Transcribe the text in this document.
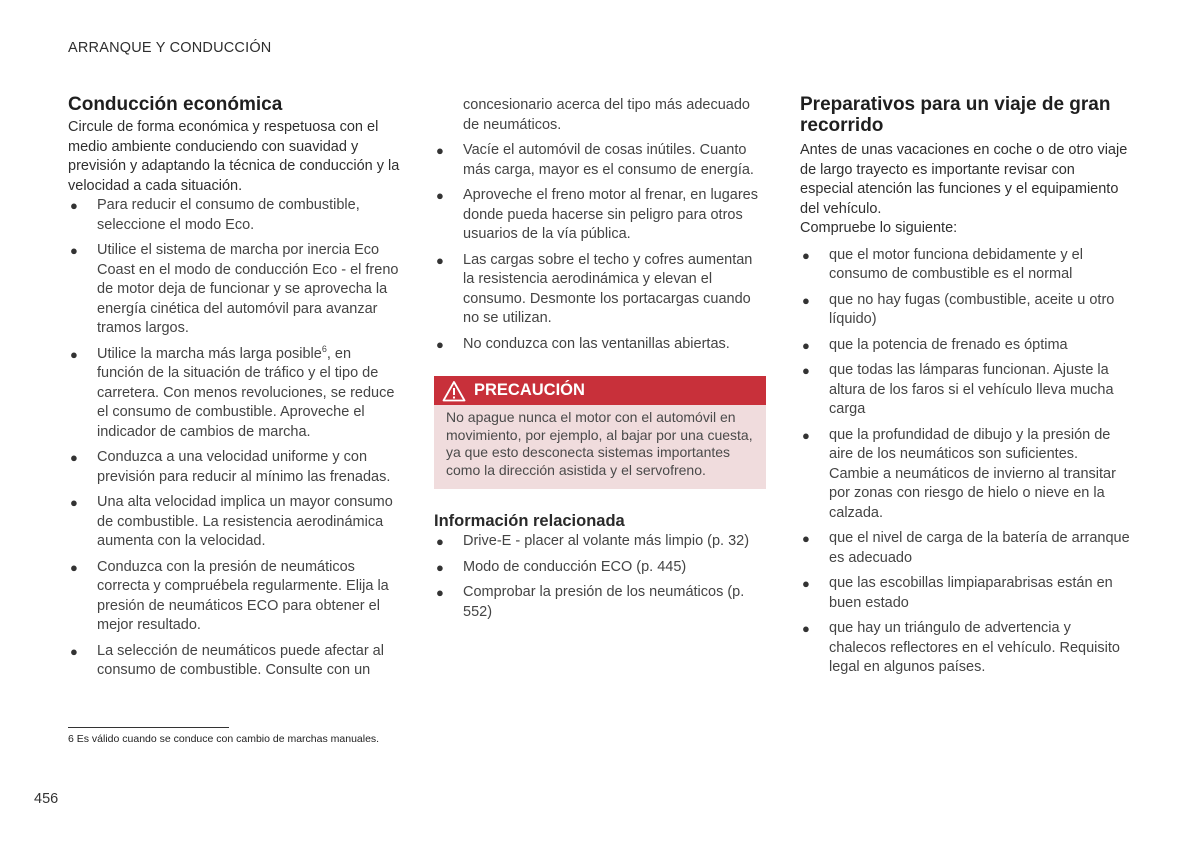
ARRANQUE Y CONDUCCIÓN
Conducción económica

Circule de forma económica y respetuosa con el medio ambiente conduciendo con suavidad y previsión y adaptando la técnica de conducción y la velocidad a cada situación.

● Para reducir el consumo de combustible, seleccione el modo Eco.
● Utilice el sistema de marcha por inercia Eco Coast en el modo de conducción Eco - el freno de motor deja de funcionar y se aprovecha la energía cinética del automóvil para avanzar tramos largos.
● Utilice la marcha más larga posible$^6$, en función de la situación de tráfico y el tipo de carretera. Con menos revoluciones, se reduce el consumo de combustible. Aproveche el indicador de cambios de marcha.
● Conduzca a una velocidad uniforme y con previsión para reducir al mínimo las frenadas.
● Una alta velocidad implica un mayor consumo de combustible. La resistencia aerodinámica aumenta con la velocidad.
● Conduzca con la presión de neumáticos correcta y compruébela regularmente. Elija la presión de neumáticos ECO para obtener el mejor resultado.
● La selección de neumáticos puede afectar al consumo de combustible. Consulte con un
concesionario acerca del tipo más adecuado de neumáticos.
● Vacíe el automóvil de cosas inútiles. Cuanto más carga, mayor es el consumo de energía.
● Aproveche el freno motor al frenar, en lugares donde pueda hacerse sin peligro para otros usuarios de la vía pública.
● Las cargas sobre el techo y cofres aumentan la resistencia aerodinámica y elevan el consumo. Desmonte los portacargas cuando no se utilizan.
● No conduzca con las ventanillas abiertas.
PRECAUCIÓN
No apague nunca el motor con el automóvil en movimiento, por ejemplo, al bajar por una cuesta, ya que esto desconecta sistemas importantes como la dirección asistida y el servofreno.
Información relacionada
● Drive-E - placer al volante más limpio (p. 32)
● Modo de conducción ECO (p. 445)
● Comprobar la presión de los neumáticos (p. 552)
Preparativos para un viaje de gran recorrido

Antes de unas vacaciones en coche o de otro viaje de largo trayecto es importante revisar con especial atención las funciones y el equipamiento del vehículo.

Compruebe lo siguiente:

● que el motor funciona debidamente y el consumo de combustible es el normal
● que no hay fugas (combustible, aceite u otro líquido)
● que la potencia de frenado es óptima
● que todas las lámparas funcionan. Ajuste la altura de los faros si el vehículo lleva mucha carga
● que la profundidad de dibujo y la presión de aire de los neumáticos son suficientes. Cambie a neumáticos de invierno al transitar por zonas con riesgo de hielo o nieve en la calzada.
● que el nivel de carga de la batería de arranque es adecuado
● que las escobillas limpiaparabrisas están en buen estado
● que hay un triángulo de advertencia y chalecos reflectores en el vehículo. Requisito legal en algunos países.
6 Es válido cuando se conduce con cambio de marchas manuales.
456
